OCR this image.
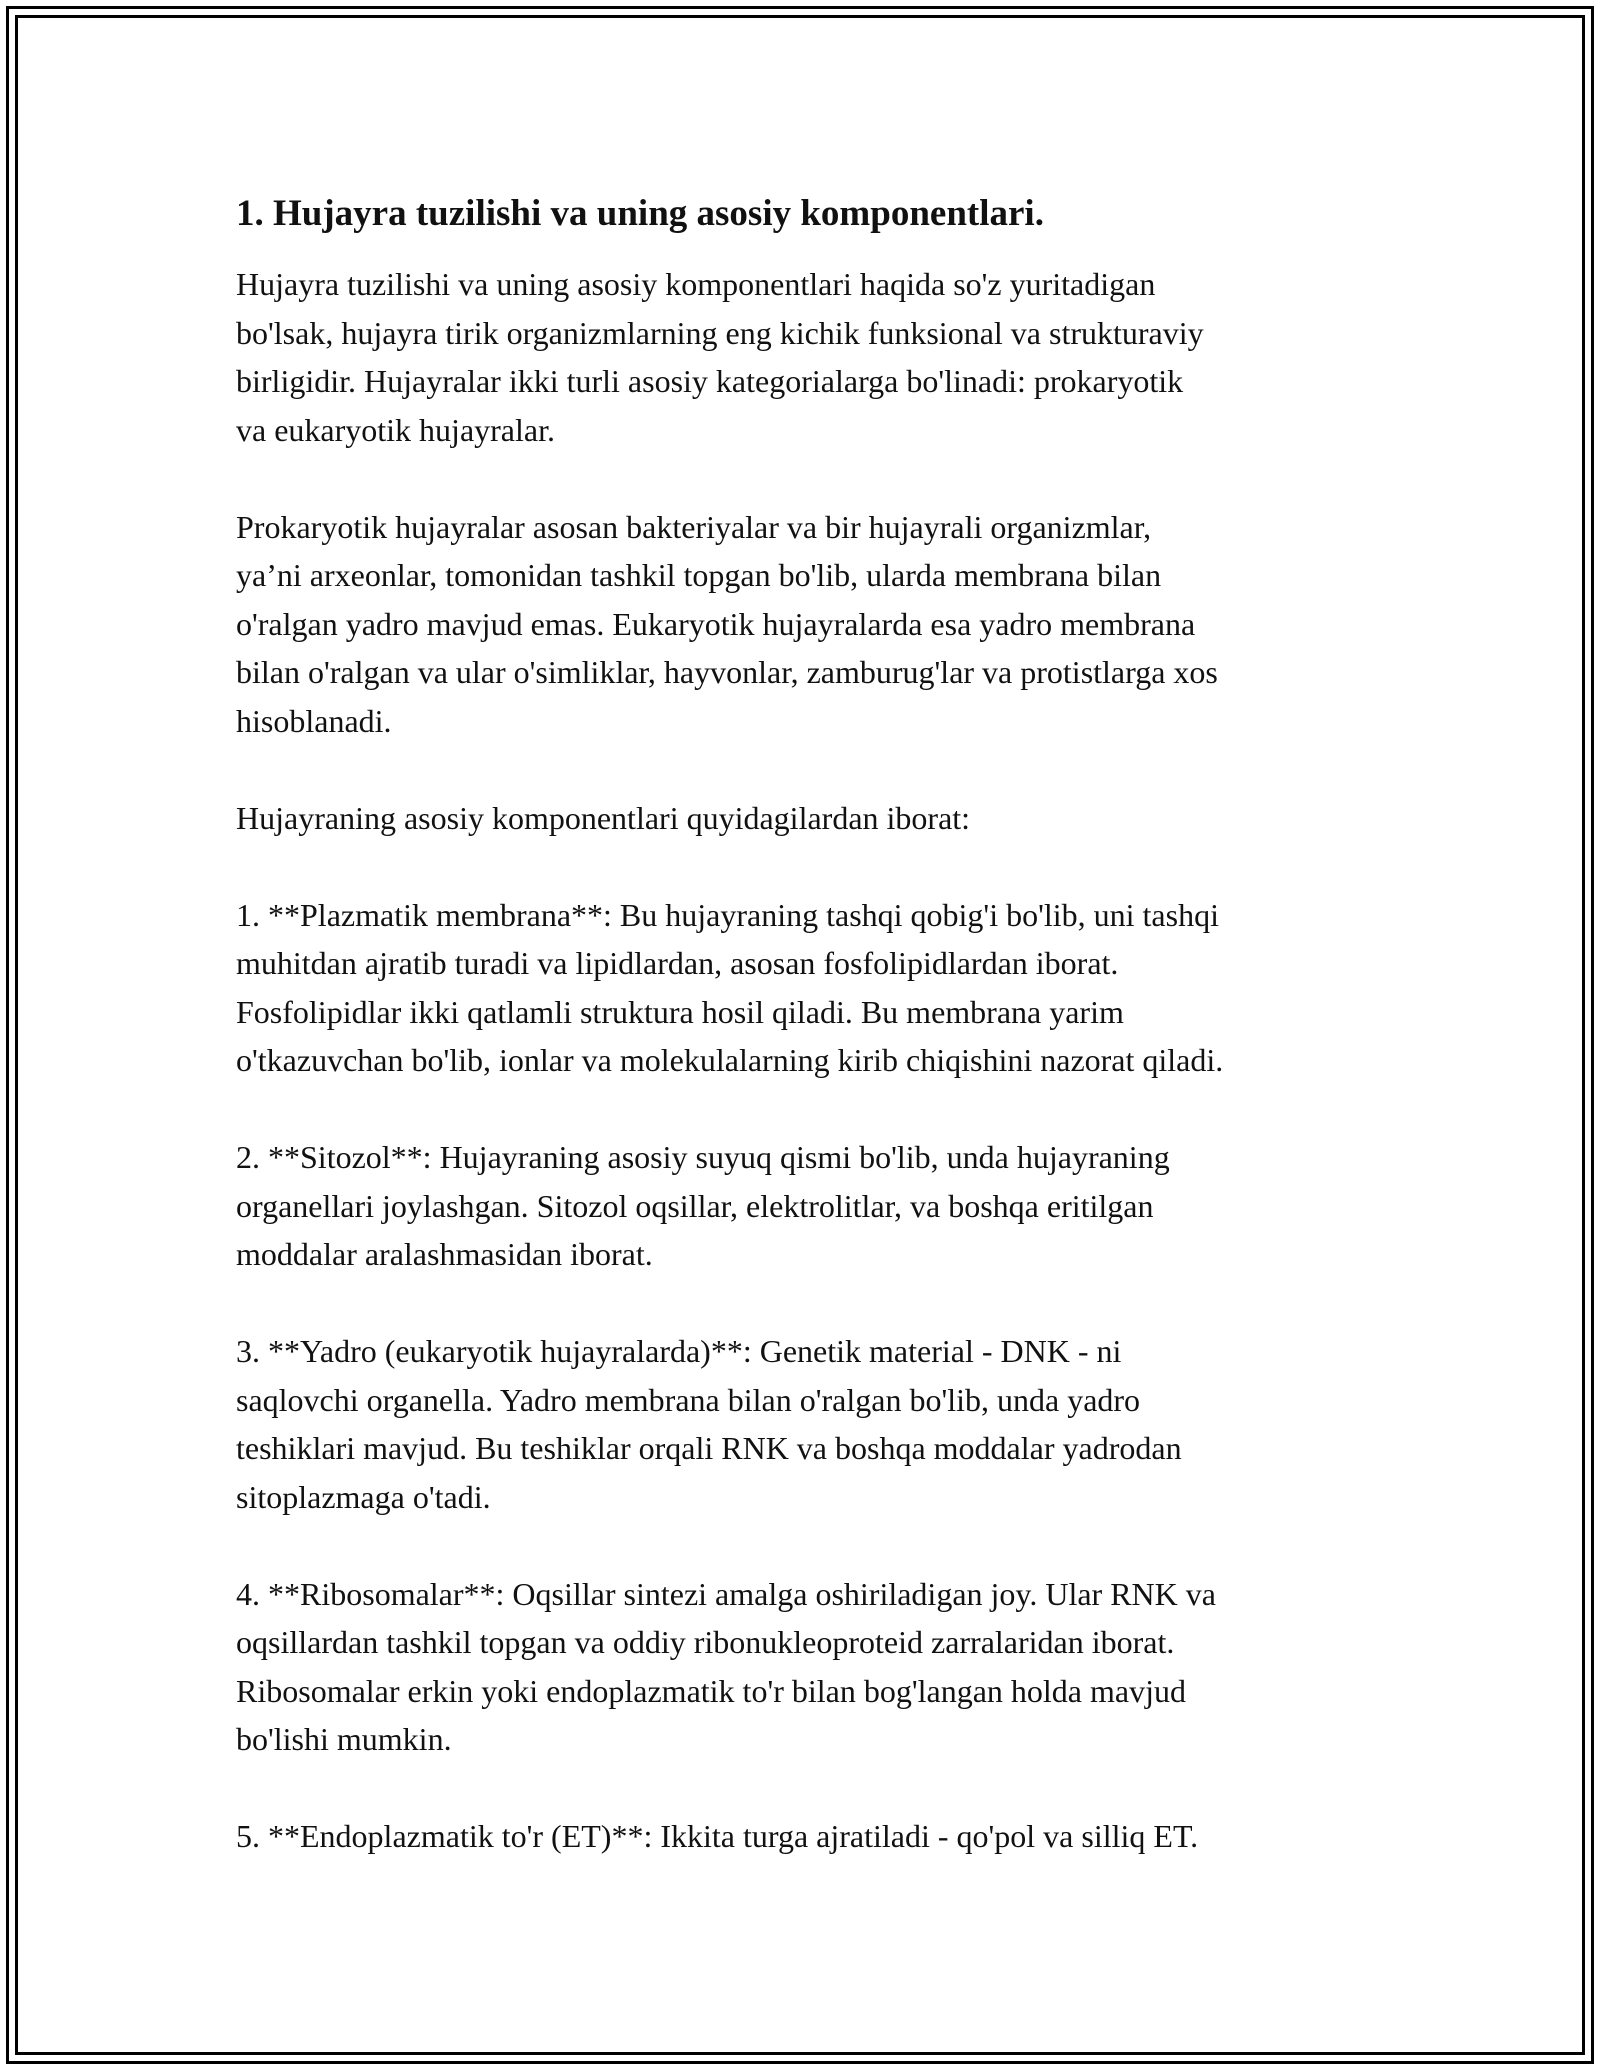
1. Hujayra tuzilishi va uning asosiy komponentlari.

Hujayra tuzilishi va uning asosiy komponentlari haqida so'z yuritadigan
bo'lsak, hujayra tirik organizmlarning eng kichik funksional va strukturaviy
birligidir. Hujayralar ikki turli asosiy kategorialarga bo'linadi: prokaryotik
va eukaryotik hujayralar.

Prokaryotik hujayralar asosan bakteriyalar va bir hujayrali organizmlar,
ya’ni arxeonlar, tomonidan tashkil topgan bo'lib, ularda membrana bilan
o'ralgan yadro mavjud emas. Eukaryotik hujayralarda esa yadro membrana
bilan o'ralgan va ular o'simliklar, hayvonlar, zamburug'lar va protistlarga xos
hisoblanadi.

Hujayraning asosiy komponentlari quyidagilardan iborat:

1. **Plazmatik membrana**: Bu hujayraning tashqi qobig'i bo'lib, uni tashqi
muhitdan ajratib turadi va lipidlardan, asosan fosfolipidlardan iborat.
Fosfolipidlar ikki qatlamli struktura hosil qiladi. Bu membrana yarim
o'tkazuvchan bo'lib, ionlar va molekulalarning kirib chiqishini nazorat qiladi.

2. **Sitozol**: Hujayraning asosiy suyuq qismi bo'lib, unda hujayraning
organellari joylashgan. Sitozol oqsillar, elektrolitlar, va boshqa eritilgan
moddalar aralashmasidan iborat.

3. **Yadro (eukaryotik hujayralarda)**: Genetik material - DNK - ni
saqlovchi organella. Yadro membrana bilan o'ralgan bo'lib, unda yadro
teshiklari mavjud. Bu teshiklar orqali RNK va boshqa moddalar yadrodan
sitoplazmaga o'tadi.

4. **Ribosomalar**: Oqsillar sintezi amalga oshiriladigan joy. Ular RNK va
oqsillardan tashkil topgan va oddiy ribonukleoproteid zarralaridan iborat.
Ribosomalar erkin yoki endoplazmatik to'r bilan bog'langan holda mavjud
bo'lishi mumkin.

5. **Endoplazmatik to'r (ET)**: Ikkita turga ajratiladi - qo'pol va silliq ET.
